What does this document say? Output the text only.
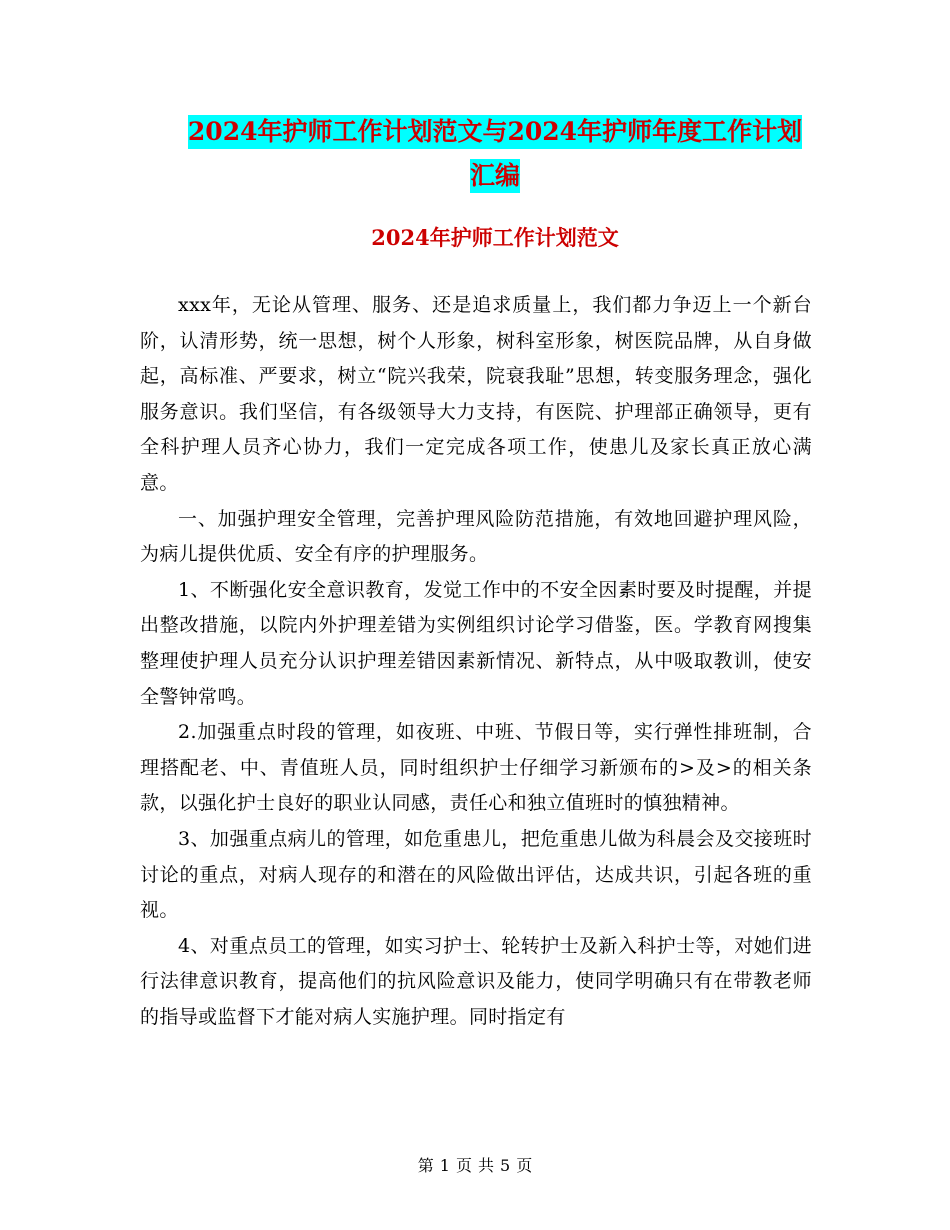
2024年护师工作计划范文与2024年护师年度工作计划
汇编
2024年护师工作计划范文

xxx年，无论从管理、服务、还是追求质量上，我们都力争迈上一个新台阶，认清形势，统一思想，树个人形象，树科室形象，树医院品牌，从自身做起，高标准、严要求，树立“院兴我荣，院衰我耻”思想，转变服务理念，强化服务意识。我们坚信，有各级领导大力支持，有医院、护理部正确领导，更有全科护理人员齐心协力，我们一定完成各项工作，使患儿及家长真正放心满意。

一、加强护理安全管理，完善护理风险防范措施，有效地回避护理风险，为病儿提供优质、安全有序的护理服务。

1、不断强化安全意识教育，发觉工作中的不安全因素时要及时提醒，并提出整改措施，以院内外护理差错为实例组织讨论学习借鉴，医。学教育网搜集整理使护理人员充分认识护理差错因素新情况、新特点，从中吸取教训，使安全警钟常鸣。

2.加强重点时段的管理，如夜班、中班、节假日等，实行弹性排班制，合理搭配老、中、青值班人员，同时组织护士仔细学习新颁布的>及>的相关条款，以强化护士良好的职业认同感，责任心和独立值班时的慎独精神。

3、加强重点病儿的管理，如危重患儿，把危重患儿做为科晨会及交接班时讨论的重点，对病人现存的和潜在的风险做出评估，达成共识，引起各班的重视。

4、对重点员工的管理，如实习护士、轮转护士及新入科护士等，对她们进行法律意识教育，提高他们的抗风险意识及能力，使同学明确只有在带教老师的指导或监督下才能对病人实施护理。同时指定有

第 1 页 共 5 页
